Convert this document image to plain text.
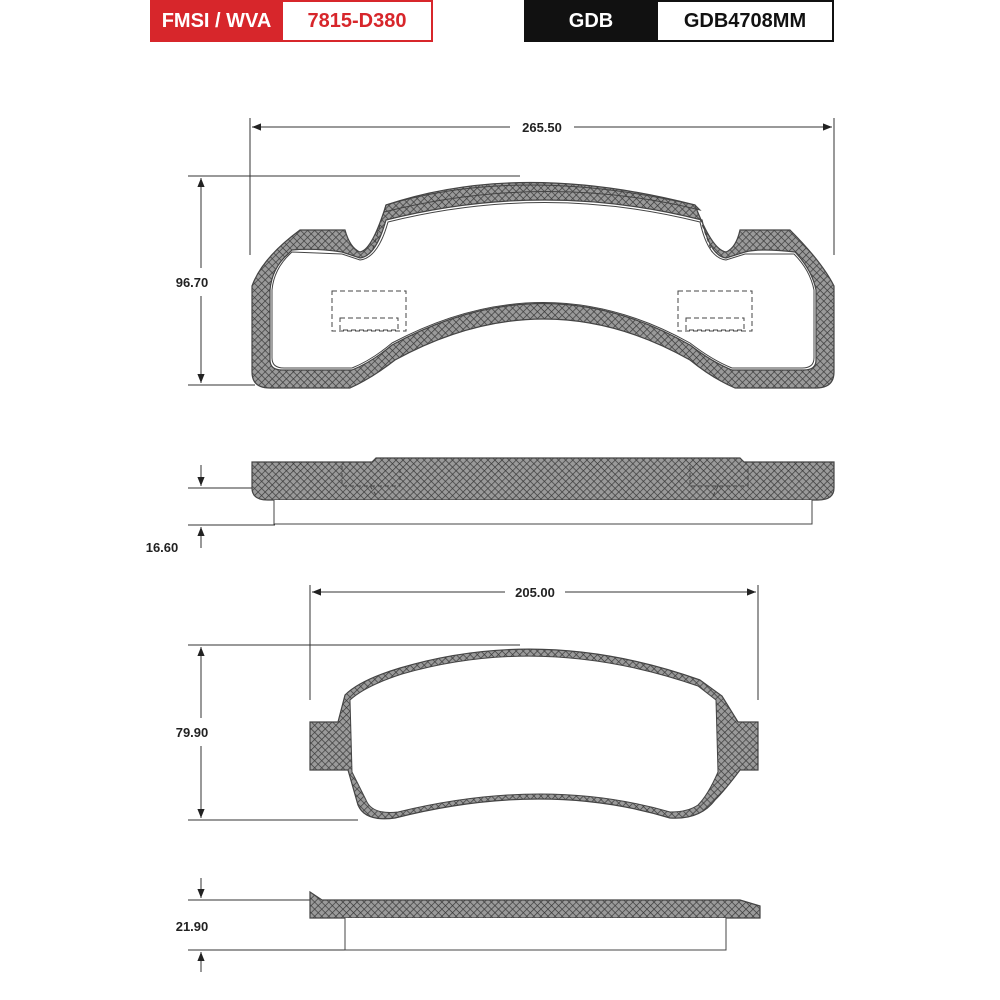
FMSI / WVA	7815-D380	GDB	GDB4708MM
265.50
96.70
16.60
205.00
79.90
21.90
